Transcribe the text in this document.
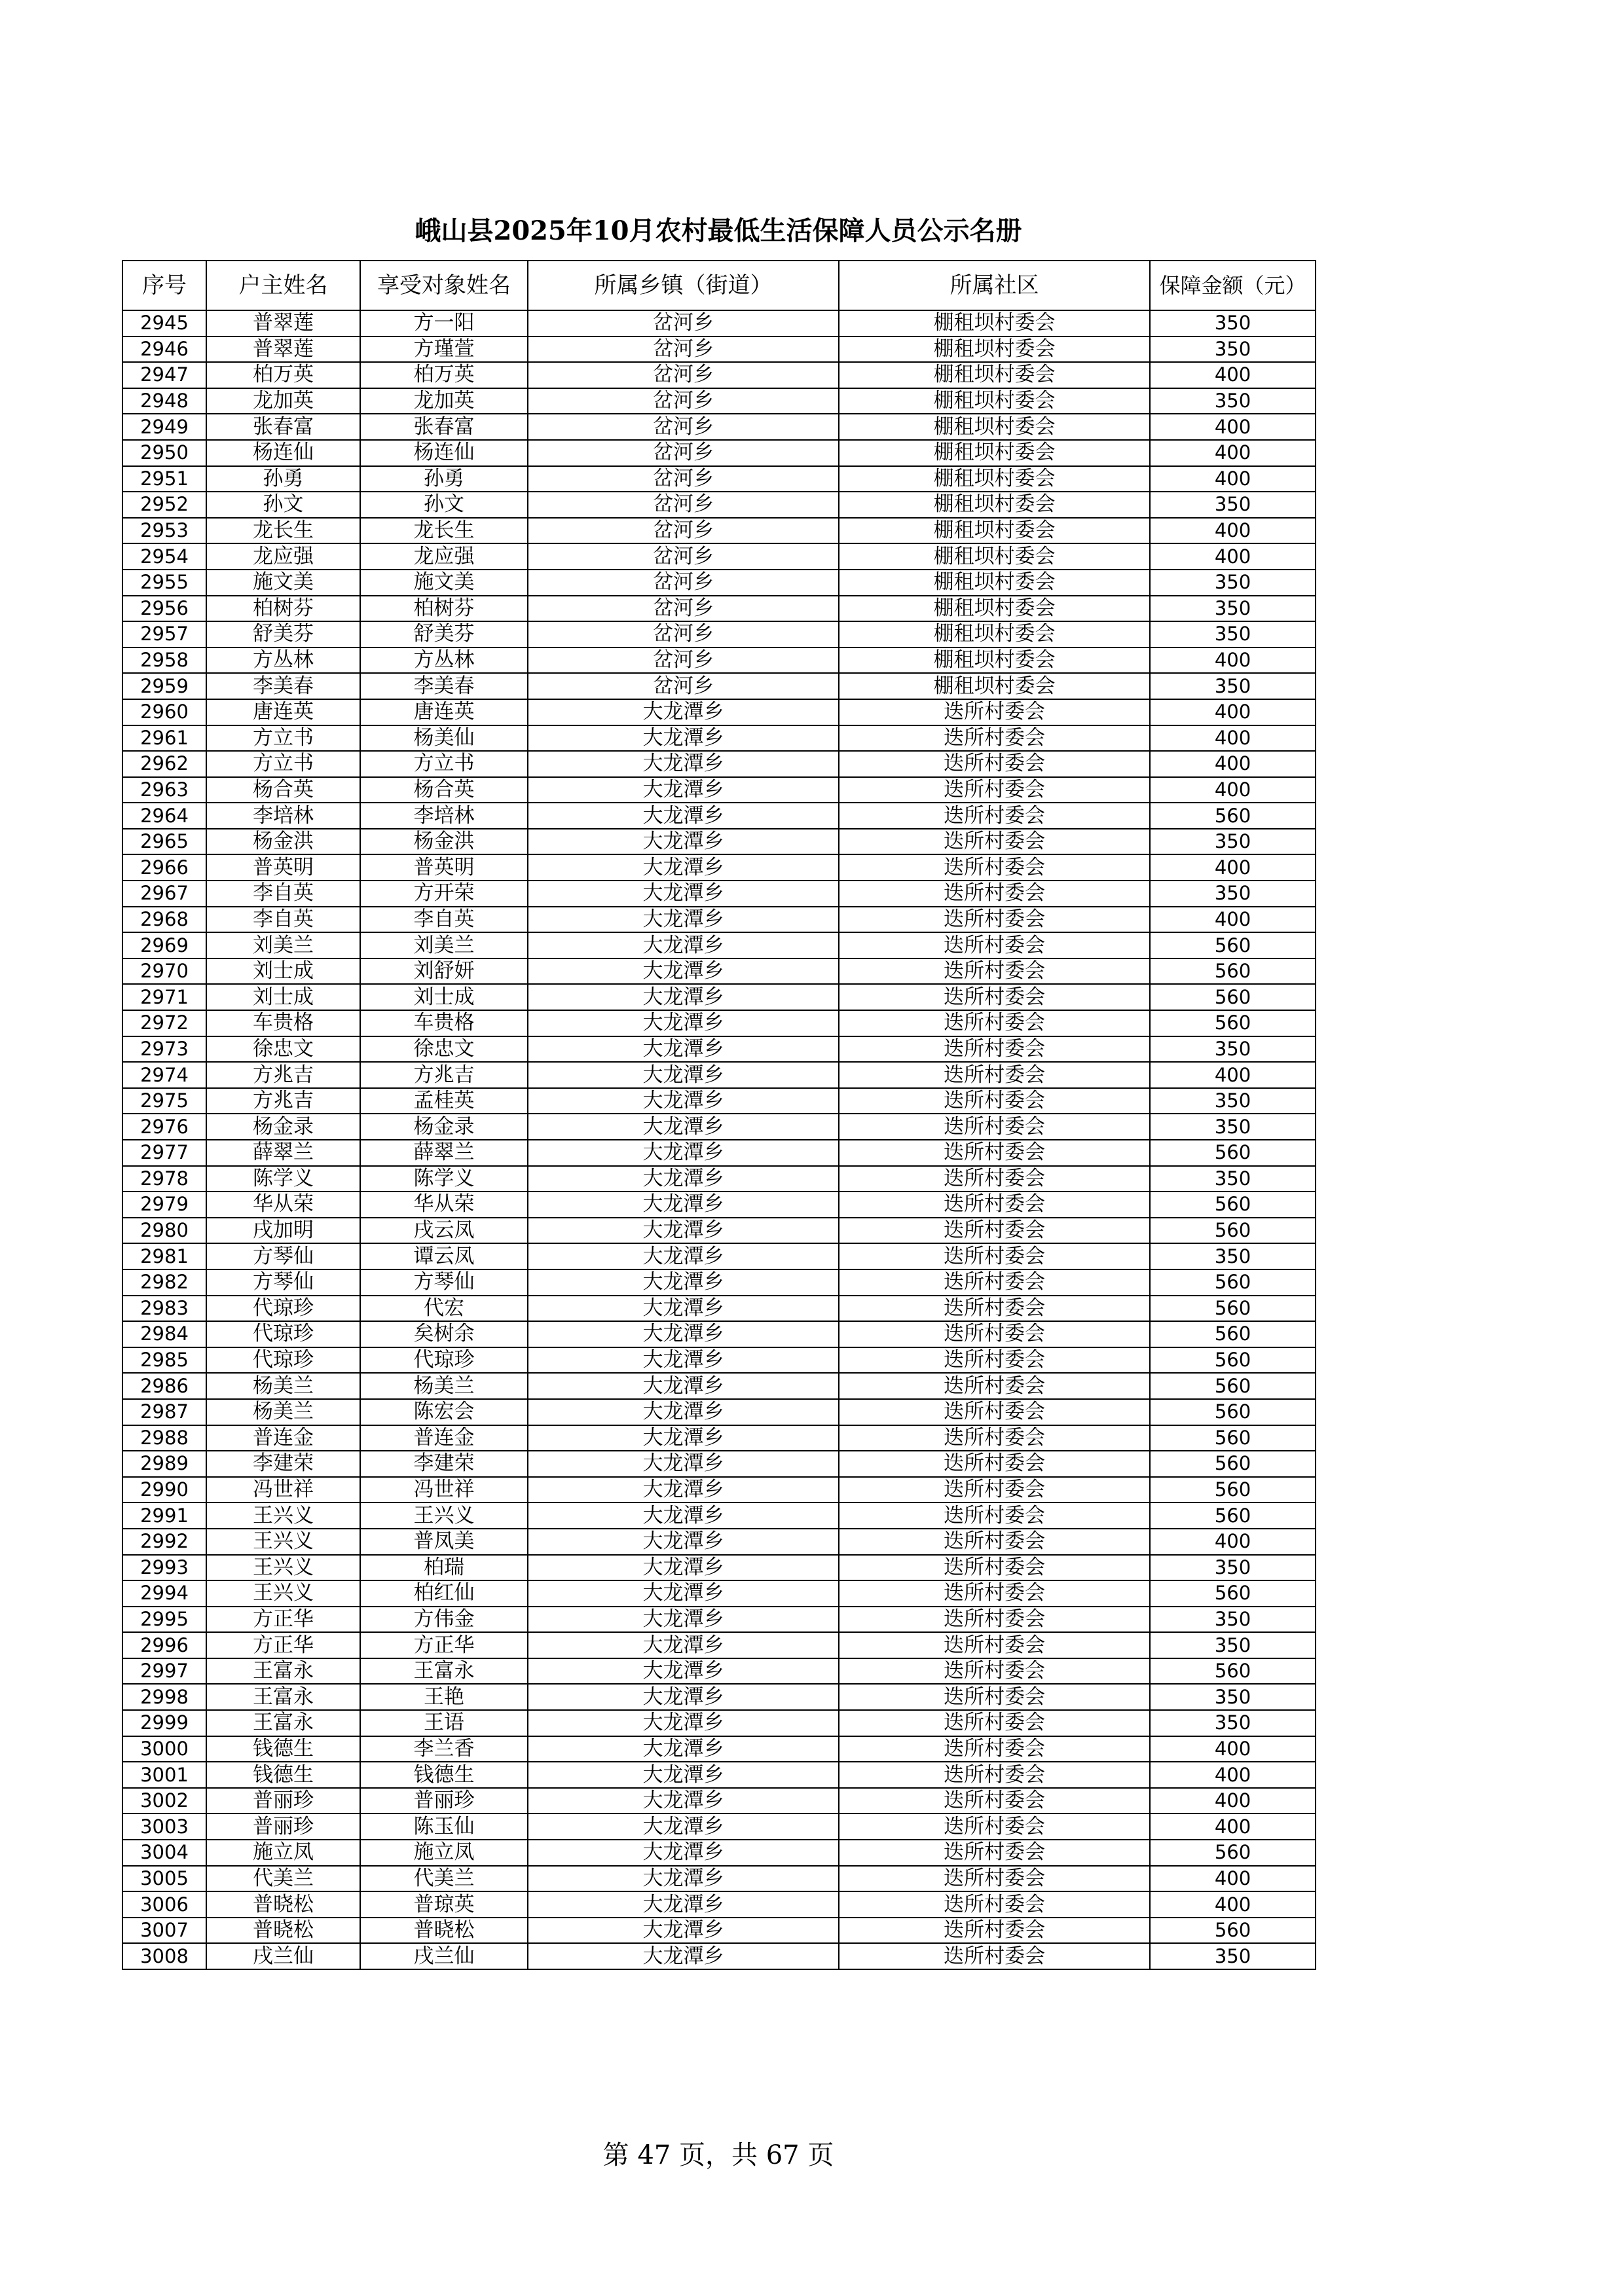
峨山县2025年10月农村最低生活保障人员公示名册
序号	户主姓名	享受对象姓名	所属乡镇（街道）	所属社区	保障金额（元）
2945	普翠莲	方一阳	岔河乡	棚租坝村委会	350
2946	普翠莲	方瑾萱	岔河乡	棚租坝村委会	350
2947	柏万英	柏万英	岔河乡	棚租坝村委会	400
2948	龙加英	龙加英	岔河乡	棚租坝村委会	350
2949	张春富	张春富	岔河乡	棚租坝村委会	400
2950	杨连仙	杨连仙	岔河乡	棚租坝村委会	400
2951	孙勇	孙勇	岔河乡	棚租坝村委会	400
2952	孙文	孙文	岔河乡	棚租坝村委会	350
2953	龙长生	龙长生	岔河乡	棚租坝村委会	400
2954	龙应强	龙应强	岔河乡	棚租坝村委会	400
2955	施文美	施文美	岔河乡	棚租坝村委会	350
2956	柏树芬	柏树芬	岔河乡	棚租坝村委会	350
2957	舒美芬	舒美芬	岔河乡	棚租坝村委会	350
2958	方丛林	方丛林	岔河乡	棚租坝村委会	400
2959	李美春	李美春	岔河乡	棚租坝村委会	350
2960	唐连英	唐连英	大龙潭乡	迭所村委会	400
2961	方立书	杨美仙	大龙潭乡	迭所村委会	400
2962	方立书	方立书	大龙潭乡	迭所村委会	400
2963	杨合英	杨合英	大龙潭乡	迭所村委会	400
2964	李培林	李培林	大龙潭乡	迭所村委会	560
2965	杨金洪	杨金洪	大龙潭乡	迭所村委会	350
2966	普英明	普英明	大龙潭乡	迭所村委会	400
2967	李自英	方开荣	大龙潭乡	迭所村委会	350
2968	李自英	李自英	大龙潭乡	迭所村委会	400
2969	刘美兰	刘美兰	大龙潭乡	迭所村委会	560
2970	刘士成	刘舒妍	大龙潭乡	迭所村委会	560
2971	刘士成	刘士成	大龙潭乡	迭所村委会	560
2972	车贵格	车贵格	大龙潭乡	迭所村委会	560
2973	徐忠文	徐忠文	大龙潭乡	迭所村委会	350
2974	方兆吉	方兆吉	大龙潭乡	迭所村委会	400
2975	方兆吉	孟桂英	大龙潭乡	迭所村委会	350
2976	杨金录	杨金录	大龙潭乡	迭所村委会	350
2977	薛翠兰	薛翠兰	大龙潭乡	迭所村委会	560
2978	陈学义	陈学义	大龙潭乡	迭所村委会	350
2979	华从荣	华从荣	大龙潭乡	迭所村委会	560
2980	戌加明	戌云凤	大龙潭乡	迭所村委会	560
2981	方琴仙	谭云凤	大龙潭乡	迭所村委会	350
2982	方琴仙	方琴仙	大龙潭乡	迭所村委会	560
2983	代琼珍	代宏	大龙潭乡	迭所村委会	560
2984	代琼珍	矣树余	大龙潭乡	迭所村委会	560
2985	代琼珍	代琼珍	大龙潭乡	迭所村委会	560
2986	杨美兰	杨美兰	大龙潭乡	迭所村委会	560
2987	杨美兰	陈宏会	大龙潭乡	迭所村委会	560
2988	普连金	普连金	大龙潭乡	迭所村委会	560
2989	李建荣	李建荣	大龙潭乡	迭所村委会	560
2990	冯世祥	冯世祥	大龙潭乡	迭所村委会	560
2991	王兴义	王兴义	大龙潭乡	迭所村委会	560
2992	王兴义	普凤美	大龙潭乡	迭所村委会	400
2993	王兴义	柏瑞	大龙潭乡	迭所村委会	350
2994	王兴义	柏红仙	大龙潭乡	迭所村委会	560
2995	方正华	方伟金	大龙潭乡	迭所村委会	350
2996	方正华	方正华	大龙潭乡	迭所村委会	350
2997	王富永	王富永	大龙潭乡	迭所村委会	560
2998	王富永	王艳	大龙潭乡	迭所村委会	350
2999	王富永	王语	大龙潭乡	迭所村委会	350
3000	钱德生	李兰香	大龙潭乡	迭所村委会	400
3001	钱德生	钱德生	大龙潭乡	迭所村委会	400
3002	普丽珍	普丽珍	大龙潭乡	迭所村委会	400
3003	普丽珍	陈玉仙	大龙潭乡	迭所村委会	400
3004	施立凤	施立凤	大龙潭乡	迭所村委会	560
3005	代美兰	代美兰	大龙潭乡	迭所村委会	400
3006	普晓松	普琼英	大龙潭乡	迭所村委会	400
3007	普晓松	普晓松	大龙潭乡	迭所村委会	560
3008	戌兰仙	戌兰仙	大龙潭乡	迭所村委会	350
第 47 页，共 67 页
